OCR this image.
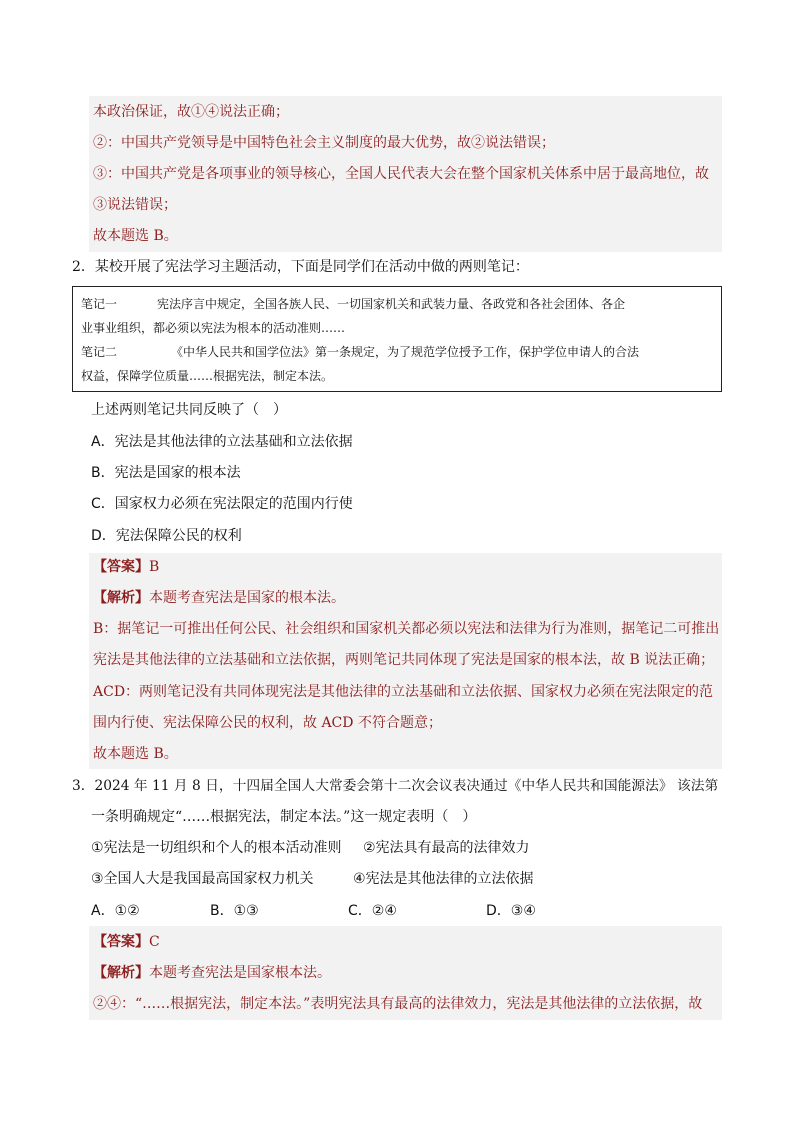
本政治保证，故①④说法正确；
②：中国共产党领导是中国特色社会主义制度的最大优势，故②说法错误；
③：中国共产党是各项事业的领导核心，全国人民代表大会在整个国家机关体系中居于最高地位，故
③说法错误；
故本题选 B。
2．某校开展了宪法学习主题活动，下面是同学们在活动中做的两则笔记：
笔记一	宪法序言中规定，全国各族人民、一切国家机关和武装力量、各政党和各社会团体、各企
业事业组织，都必须以宪法为根本的活动准则……
笔记二	《中华人民共和国学位法》第一条规定，为了规范学位授予工作，保护学位申请人的合法
权益，保障学位质量……根据宪法，制定本法。
上述两则笔记共同反映了（　）
A．宪法是其他法律的立法基础和立法依据
B．宪法是国家的根本法
C．国家权力必须在宪法限定的范围内行使
D．宪法保障公民的权利
【答案】B
【解析】本题考查宪法是国家的根本法。
B：据笔记一可推出任何公民、社会组织和国家机关都必须以宪法和法律为行为准则，据笔记二可推出
宪法是其他法律的立法基础和立法依据，两则笔记共同体现了宪法是国家的根本法，故 B 说法正确；
ACD：两则笔记没有共同体现宪法是其他法律的立法基础和立法依据、国家权力必须在宪法限定的范
围内行使、宪法保障公民的权利，故 ACD 不符合题意；
故本题选 B。
3．2024 年 11 月 8 日，十四届全国人大常委会第十二次会议表决通过《中华人民共和国能源法》 该法第
一条明确规定“……根据宪法，制定本法。”这一规定表明（　）
①宪法是一切组织和个人的根本活动准则 ②宪法具有最高的法律效力
③全国人大是我国最高国家权力机关	④宪法是其他法律的立法依据
A．①②	B．①③	C．②④	D．③④
【答案】C
【解析】本题考查宪法是国家根本法。
②④：“……根据宪法，制定本法。”表明宪法具有最高的法律效力，宪法是其他法律的立法依据，故
